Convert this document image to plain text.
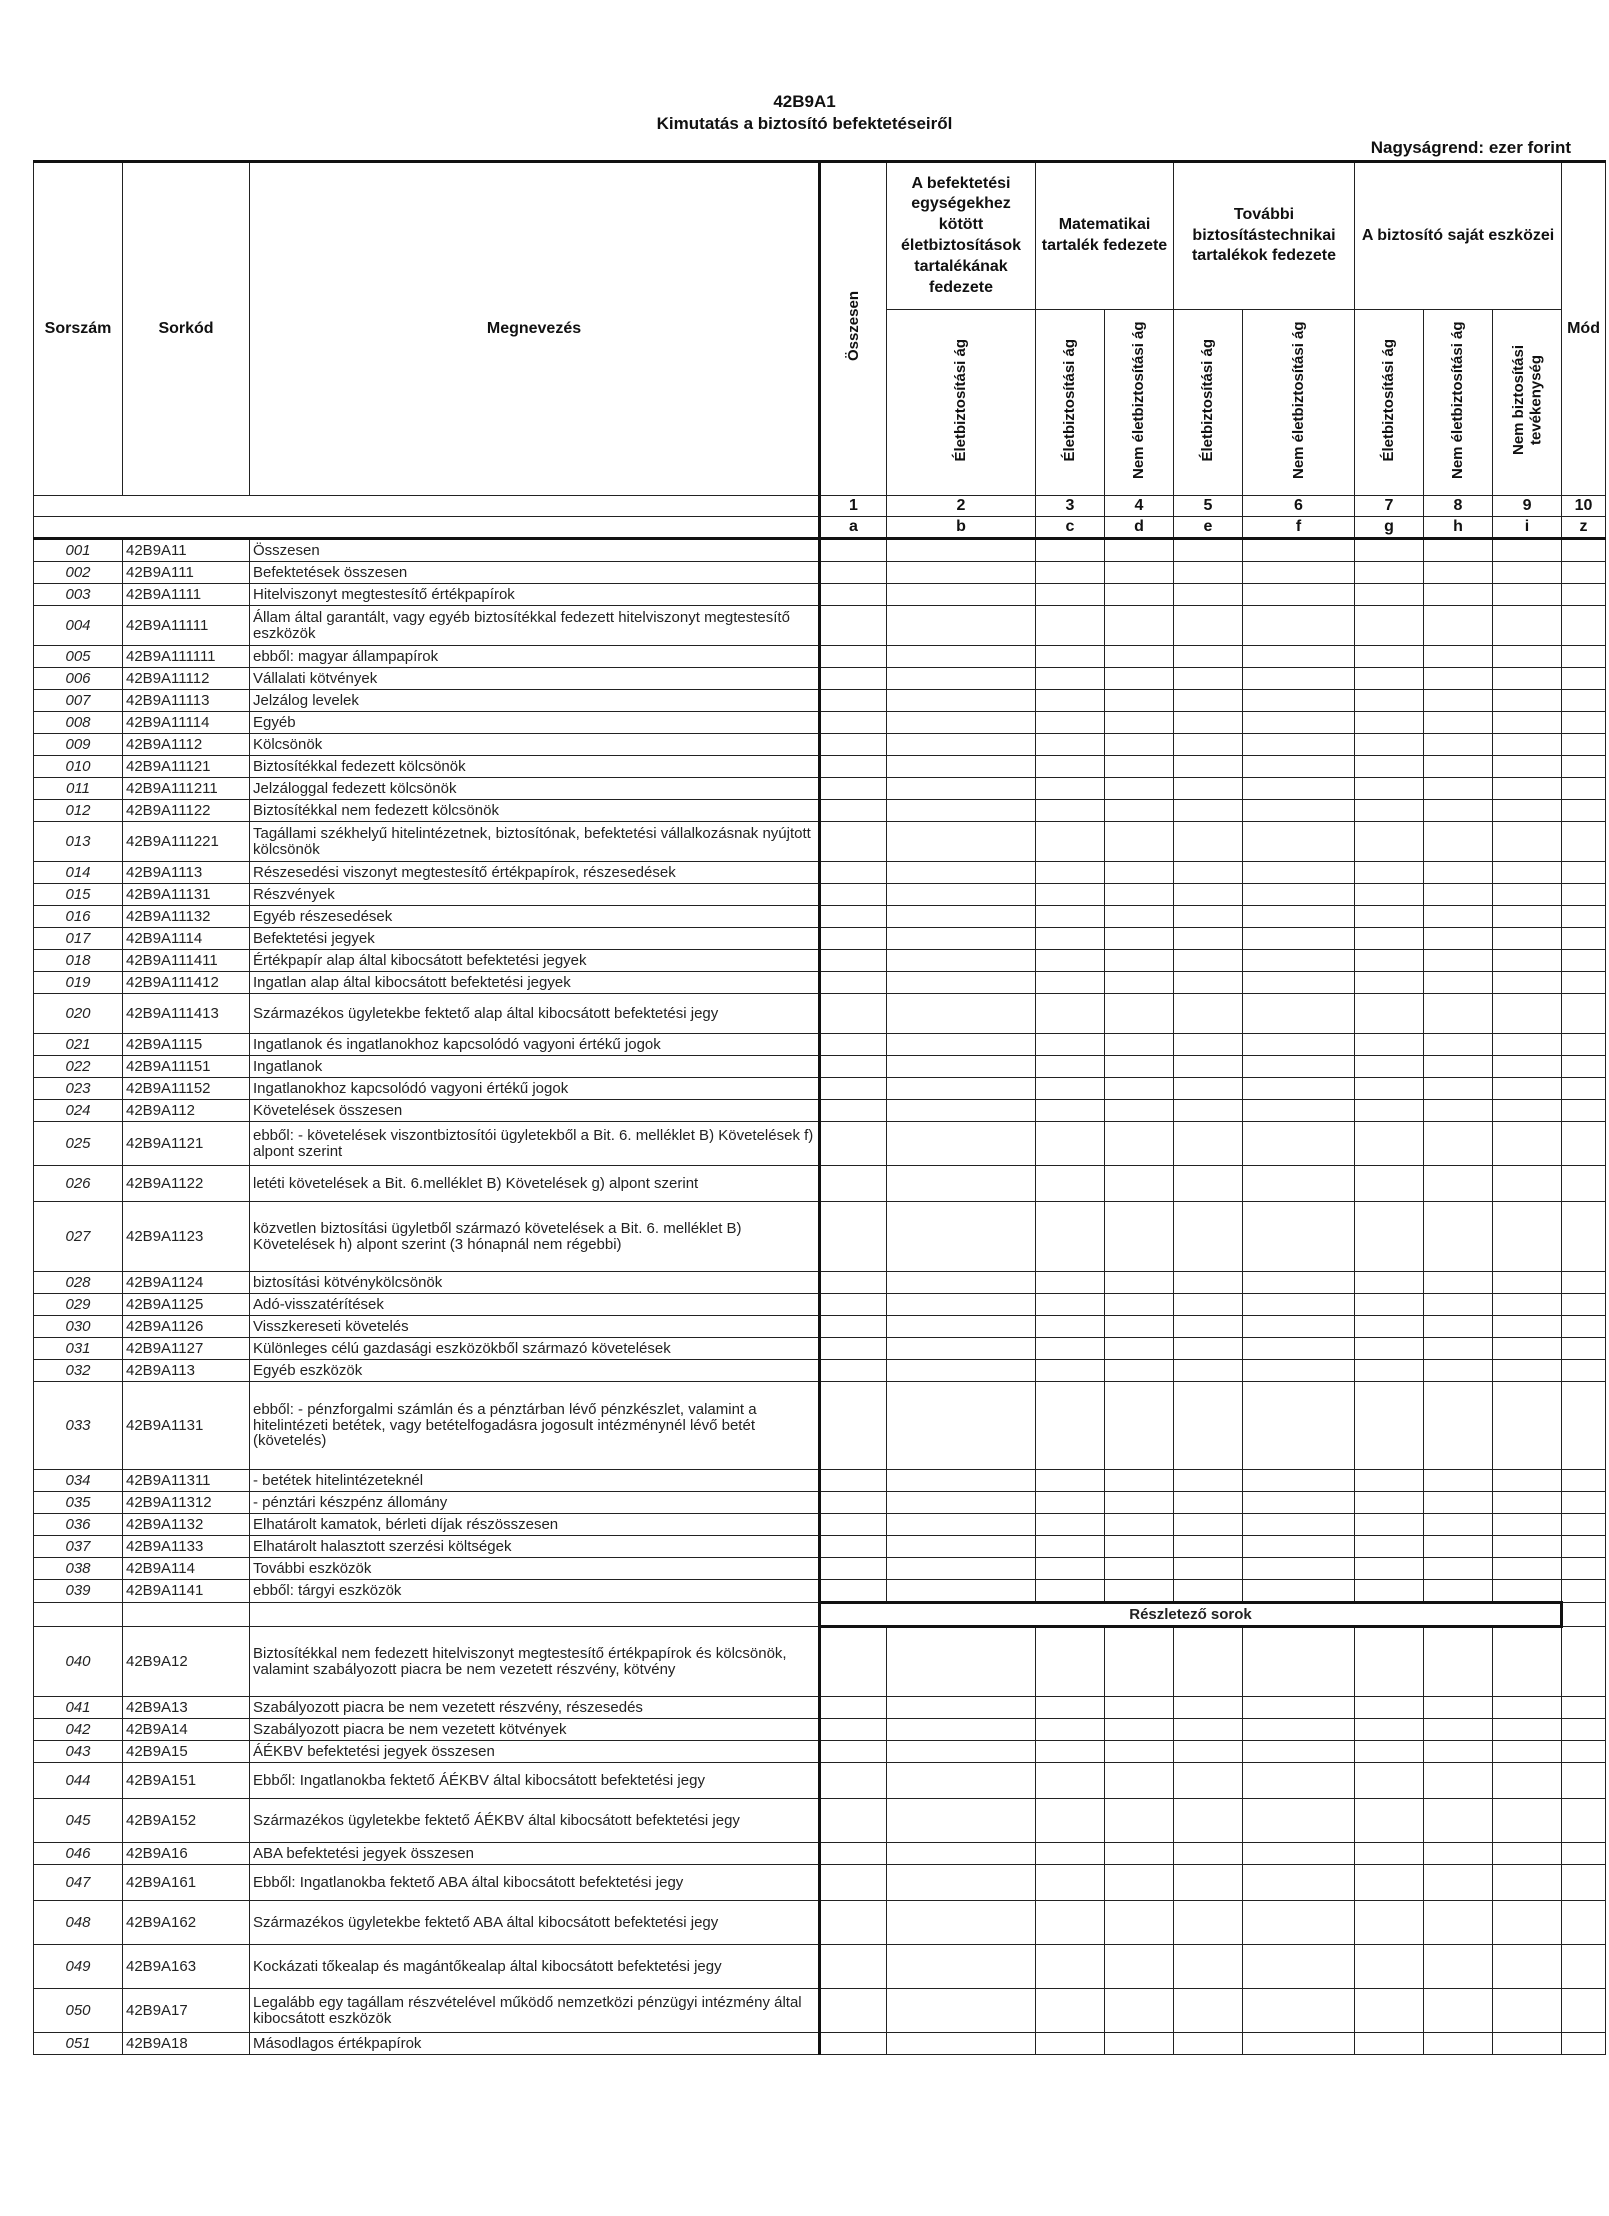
42B9A1
Kimutatás a biztosító befektetéseiről
Nagyságrend: ezer forint
Sorszám	Sorkód	Megnevezés	Összesen	A befektetési egységekhez kötött életbiztosítások tartalékának fedezete	Matematikai tartalék fedezete		További biztosítástechnikai tartalékok fedezete		A biztosító saját eszközei			Mód
				Életbiztosítási ág	Életbiztosítási ág	Nem életbiztosítási ág	Életbiztosítási ág	Nem életbiztosítási ág	Életbiztosítási ág	Nem életbiztosítási ág	Nem biztosítási tevékenység	
			1	2	3	4	5	6	7	8	9	10
			a	b	c	d	e	f	g	h	i	z
001	42B9A11	Összesen										
002	42B9A111	Befektetések összesen										
003	42B9A1111	Hitelviszonyt megtestesítő értékpapírok										
004	42B9A11111	Állam által garantált, vagy egyéb biztosítékkal fedezett hitelviszonyt megtestesítő eszközök										
005	42B9A111111	ebből: magyar állampapírok										
006	42B9A11112	Vállalati kötvények										
007	42B9A11113	Jelzálog levelek										
008	42B9A11114	Egyéb										
009	42B9A1112	Kölcsönök										
010	42B9A11121	Biztosítékkal fedezett kölcsönök										
011	42B9A111211	Jelzáloggal fedezett kölcsönök										
012	42B9A11122	Biztosítékkal nem fedezett kölcsönök										
013	42B9A111221	Tagállami székhelyű hitelintézetnek, biztosítónak, befektetési vállalkozásnak nyújtott kölcsönök										
014	42B9A1113	Részesedési viszonyt megtestesítő értékpapírok, részesedések										
015	42B9A11131	Részvények										
016	42B9A11132	Egyéb részesedések										
017	42B9A1114	Befektetési jegyek										
018	42B9A111411	Értékpapír alap által kibocsátott befektetési jegyek										
019	42B9A111412	Ingatlan alap által kibocsátott befektetési jegyek										
020	42B9A111413	Származékos ügyletekbe fektető alap által kibocsátott befektetési jegy										
021	42B9A1115	Ingatlanok és ingatlanokhoz kapcsolódó vagyoni értékű jogok										
022	42B9A11151	Ingatlanok										
023	42B9A11152	Ingatlanokhoz kapcsolódó vagyoni értékű jogok										
024	42B9A112	Követelések összesen										
025	42B9A1121	ebből: - követelések viszontbiztosítói ügyletekből a Bit. 6. melléklet B) Követelések f) alpont szerint										
026	42B9A1122	letéti követelések a Bit. 6.melléklet B) Követelések g) alpont szerint										
027	42B9A1123	közvetlen biztosítási ügyletből származó követelések a Bit. 6. melléklet B) Követelések h) alpont szerint (3 hónapnál nem régebbi)										
028	42B9A1124	biztosítási kötvénykölcsönök										
029	42B9A1125	Adó-visszatérítések										
030	42B9A1126	Visszkereseti követelés										
031	42B9A1127	Különleges célú gazdasági eszközökből származó követelések										
032	42B9A113	Egyéb eszközök										
033	42B9A1131	ebből: - pénzforgalmi számlán és a pénztárban lévő pénzkészlet, valamint a hitelintézeti betétek, vagy betételfogadásra jogosult intézménynél lévő betét (követelés)										
034	42B9A11311	- betétek hitelintézeteknél										
035	42B9A11312	- pénztári készpénz állomány										
036	42B9A1132	Elhatárolt kamatok, bérleti díjak részösszesen										
037	42B9A1133	Elhatárolt halasztott szerzési költségek										
038	42B9A114	További eszközök										
039	42B9A1141	ebből: tárgyi eszközök										
			Részletező sorok									
040	42B9A12	Biztosítékkal nem fedezett hitelviszonyt megtestesítő értékpapírok és kölcsönök, valamint szabályozott piacra be nem vezetett részvény, kötvény										
041	42B9A13	Szabályozott piacra be nem vezetett részvény, részesedés										
042	42B9A14	Szabályozott piacra be nem vezetett kötvények										
043	42B9A15	ÁÉKBV befektetési jegyek összesen										
044	42B9A151	Ebből: Ingatlanokba fektető ÁÉKBV által kibocsátott befektetési jegy										
045	42B9A152	Származékos ügyletekbe fektető ÁÉKBV által kibocsátott befektetési jegy										
046	42B9A16	ABA befektetési jegyek összesen										
047	42B9A161	Ebből: Ingatlanokba fektető ABA által kibocsátott befektetési jegy										
048	42B9A162	Származékos ügyletekbe fektető ABA által kibocsátott befektetési jegy										
049	42B9A163	Kockázati tőkealap és magántőkealap által kibocsátott befektetési jegy										
050	42B9A17	Legalább egy tagállam részvételével működő nemzetközi pénzügyi intézmény által kibocsátott eszközök										
051	42B9A18	Másodlagos értékpapírok										
